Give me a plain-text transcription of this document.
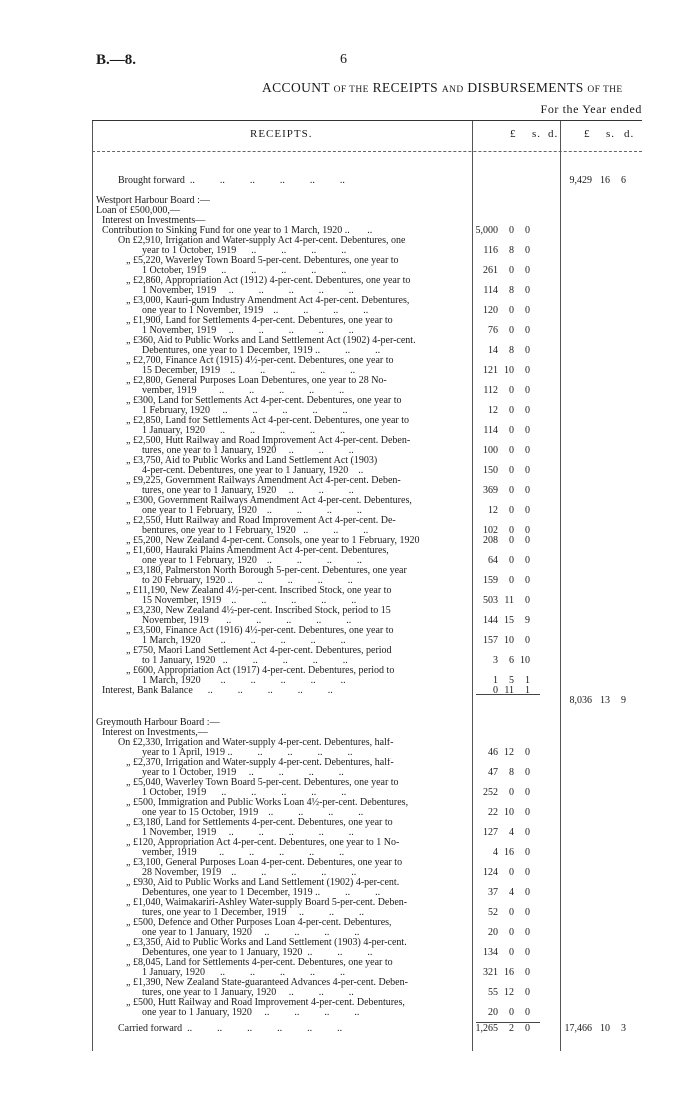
B.—8.	6
ACCOUNT OF THE RECEIPTS AND DISBURSEMENTS OF THE
For the Year ended
RECEIPTS.	£ s. d. £ s. d.
Brought forward  ..          ..          ..          ..          ..          ..	9,429 16	6
Westport Harbour Board :—
Loan of £500,000,—
Interest on Investments—
Contribution to Sinking Fund for one year to 1 March, 1920 ..       ..	5,000	0	0
On £2,910, Irrigation and Water-supply Act 4-per-cent. Debentures, one
year to 1 October, 1919      ..          ..          ..          ..	116	8	0
„ £5,220, Waverley Town Board 5-per-cent. Debentures, one year to
1 October, 1919      ..          ..          ..          ..          ..	261	0	0
„ £2,860, Appropriation Act (1912) 4-per-cent. Debentures, one year to
1 November, 1919     ..          ..          ..          ..          ..	114	8	0
„ £3,000, Kauri-gum Industry Amendment Act 4-per-cent. Debentures,
one year to 1 November, 1919    ..          ..          ..          ..	120	0	0
„ £1,900, Land for Settlements 4-per-cent. Debentures, one year to
1 November, 1919     ..          ..          ..          ..          ..	76	0	0
„ £360, Aid to Public Works and Land Settlement Act (1902) 4-per-cent.
Debentures, one year to 1 December, 1919 ..          ..          ..	14	8	0
„ £2,700, Finance Act (1915) 4½-per-cent. Debentures, one year to
15 December, 1919    ..          ..          ..          ..          ..	121 10	0
„ £2,800, General Purposes Loan Debentures, one year to 28 No-
vember, 1919         ..          ..          ..          ..          ..	112	0	0
„ £300, Land for Settlements Act 4-per-cent. Debentures, one year to
1 February, 1920     ..          ..          ..          ..          ..	12	0	0
„ £2,850, Land for Settlements Act 4-per-cent. Debentures, one year to
1 January, 1920      ..          ..          ..          ..          ..	114	0	0
„ £2,500, Hutt Railway and Road Improvement Act 4-per-cent. Deben-
tures, one year to 1 January, 1920     ..          ..          ..	100	0	0
„ £3,750, Aid to Public Works and Land Settlement Act (1903)
4-per-cent. Debentures, one year to 1 January, 1920    ..	150	0	0
„ £9,225, Government Railways Amendment Act 4-per-cent. Deben-
tures, one year to 1 January, 1920     ..          ..          ..	369	0	0
„ £300, Government Railways Amendment Act 4-per-cent. Debentures,
one year to 1 February, 1920    ..          ..          ..          ..	12	0	0
„ £2,550, Hutt Railway and Road Improvement Act 4-per-cent. De-
bentures, one year to 1 February, 1920   ..          ..          ..	102	0	0
„ £5,200, New Zealand 4-per-cent. Consols, one year to 1 February, 1920	208	0	0
„ £1,600, Hauraki Plains Amendment Act 4-per-cent. Debentures,
one year to 1 February, 1920    ..          ..          ..          ..	64	0	0
„ £3,180, Palmerston North Borough 5-per-cent. Debentures, one year
to 20 February, 1920 ..          ..          ..          ..          ..	159	0	0
„ £11,190, New Zealand 4½-per-cent. Inscribed Stock, one year to
15 November, 1919    ..          ..          ..          ..          ..	503 11	0
„ £3,230, New Zealand 4½-per-cent. Inscribed Stock, period to 15
November, 1919       ..          ..          ..          ..          ..	144 15	9
„ £3,500, Finance Act (1916) 4½-per-cent. Debentures, one year to
1 March, 1920        ..          ..          ..          ..          ..	157 10	0
„ £750, Maori Land Settlement Act 4-per-cent. Debentures, period
to 1 January, 1920   ..          ..          ..          ..          ..	3	6 10
„ £600, Appropriation Act (1917) 4-per-cent. Debentures, period to
1 March, 1920        ..          ..          ..          ..          ..	1	5	1
Interest, Bank Balance      ..          ..          ..          ..          ..	0 11	1
8,036 13	9
Greymouth Harbour Board :—
Interest on Investments,—
On £2,330, Irrigation and Water-supply 4-per-cent. Debentures, half-
year to 1 April, 1919 ..          ..          ..          ..          ..	46 12	0
„ £2,370, Irrigation and Water-supply 4-per-cent. Debentures, half-
year to 1 October, 1919     ..          ..          ..          ..	47	8	0
„ £5,040, Waverley Town Board 5-per-cent. Debentures, one year to
1 October, 1919      ..          ..          ..          ..          ..	252	0	0
„ £500, Immigration and Public Works Loan 4½-per-cent. Debentures,
one year to 15 October, 1919    ..          ..          ..          ..	22 10	0
„ £3,180, Land for Settlements 4-per-cent. Debentures, one year to
1 November, 1919     ..          ..          ..          ..          ..	127	4	0
„ £120, Appropriation Act 4-per-cent. Debentures, one year to 1 No-
vember, 1919         ..          ..          ..          ..          ..	4 16	0
„ £3,100, General Purposes Loan 4-per-cent. Debentures, one year to
28 November, 1919    ..          ..          ..          ..          ..	124	0	0
„ £930, Aid to Public Works and Land Settlement (1902) 4-per-cent.
Debentures, one year to 1 December, 1919 ..          ..          ..	37	4	0
„ £1,040, Waimakariri-Ashley Water-supply Board 5-per-cent. Deben-
tures, one year to 1 December, 1919     ..          ..          ..	52	0	0
„ £500, Defence and Other Purposes Loan 4-per-cent. Debentures,
one year to 1 January, 1920     ..          ..          ..          ..	20	0	0
„ £3,350, Aid to Public Works and Land Settlement (1903) 4-per-cent.
Debentures, one year to 1 January, 1920  ..          ..          ..	134	0	0
„ £8,045, Land for Settlements 4-per-cent. Debentures, one year to
1 January, 1920      ..          ..          ..          ..          ..	321 16	0
„ £1,390, New Zealand State-guaranteed Advances 4-per-cent. Deben-
tures, one year to 1 January, 1920     ..          ..          ..	55 12	0
„ £500, Hutt Railway and Road Improvement 4-per-cent. Debentures,
one year to 1 January, 1920     ..          ..          ..          ..	20	0	0
Carried forward  ..          ..          ..          ..          ..          ..	1,265	2	0	17,466 10	3
